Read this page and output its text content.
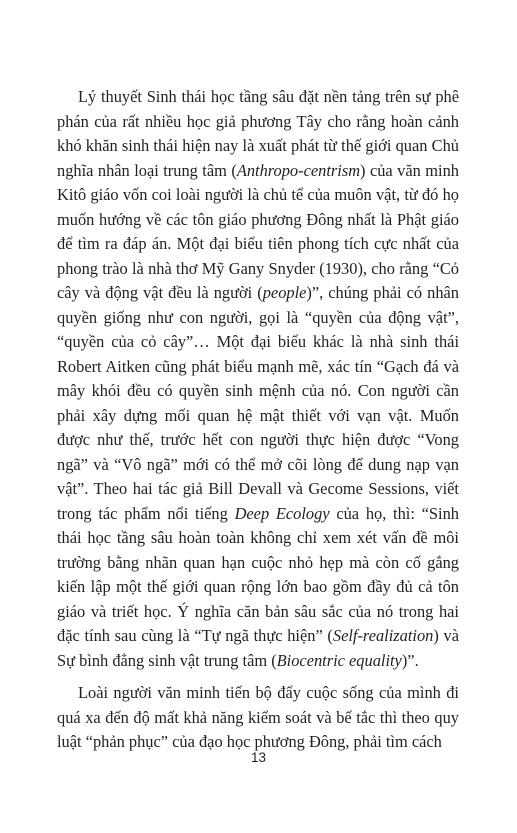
Lý thuyết Sinh thái học tầng sâu đặt nền tảng trên sự phê phán của rất nhiều học giả phương Tây cho rằng hoàn cảnh khó khăn sinh thái hiện nay là xuất phát từ thế giới quan Chủ nghĩa nhân loại trung tâm (Anthropo-centrism) của văn minh Kitô giáo vốn coi loài người là chủ tể của muôn vật, từ đó họ muốn hướng về các tôn giáo phương Đông nhất là Phật giáo để tìm ra đáp án. Một đại biểu tiên phong tích cực nhất của phong trào là nhà thơ Mỹ Gany Snyder (1930), cho rằng “Cỏ cây và động vật đều là người (people)”, chúng phải có nhân quyền giống như con người, gọi là “quyền của động vật”, “quyền của cỏ cây”… Một đại biểu khác là nhà sinh thái Robert Aitken cũng phát biểu mạnh mẽ, xác tín “Gạch đá và mây khói đều có quyền sinh mệnh của nó. Con người cần phải xây dựng mối quan hệ mật thiết với vạn vật. Muốn được như thế, trước hết con người thực hiện được “Vong ngã” và “Vô ngã” mới có thể mở cõi lòng để dung nạp vạn vật”. Theo hai tác giả Bill Devall và Gecome Sessions, viết trong tác phẩm nổi tiếng Deep Ecology của họ, thì: “Sinh thái học tầng sâu hoàn toàn không chỉ xem xét vấn đề môi trường bằng nhãn quan hạn cuộc nhỏ hẹp mà còn cố gắng kiến lập một thế giới quan rộng lớn bao gồm đầy đủ cả tôn giáo và triết học. Ý nghĩa căn bản sâu sắc của nó trong hai đặc tính sau cùng là “Tự ngã thực hiện” (Self-realization) và Sự bình đẳng sinh vật trung tâm (Biocentric equality)”.

Loài người văn minh tiến bộ đẩy cuộc sống của mình đi quá xa đến độ mất khả năng kiểm soát và bế tắc thì theo quy luật “phản phục” của đạo học phương Đông, phải tìm cách

13
